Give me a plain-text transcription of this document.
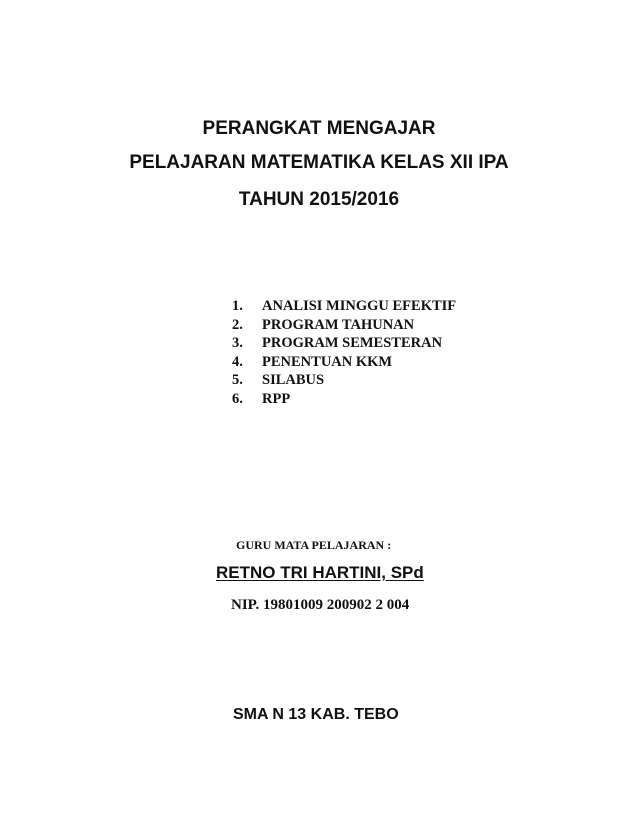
PERANGKAT MENGAJAR
PELAJARAN MATEMATIKA KELAS XII IPA
TAHUN 2015/2016
1. ANALISI MINGGU EFEKTIF
2. PROGRAM TAHUNAN
3. PROGRAM SEMESTERAN
4. PENENTUAN KKM
5. SILABUS
6. RPP
GURU MATA PELAJARAN :
RETNO TRI HARTINI, SPd
NIP. 19801009 200902 2 004
SMA N 13 KAB. TEBO
